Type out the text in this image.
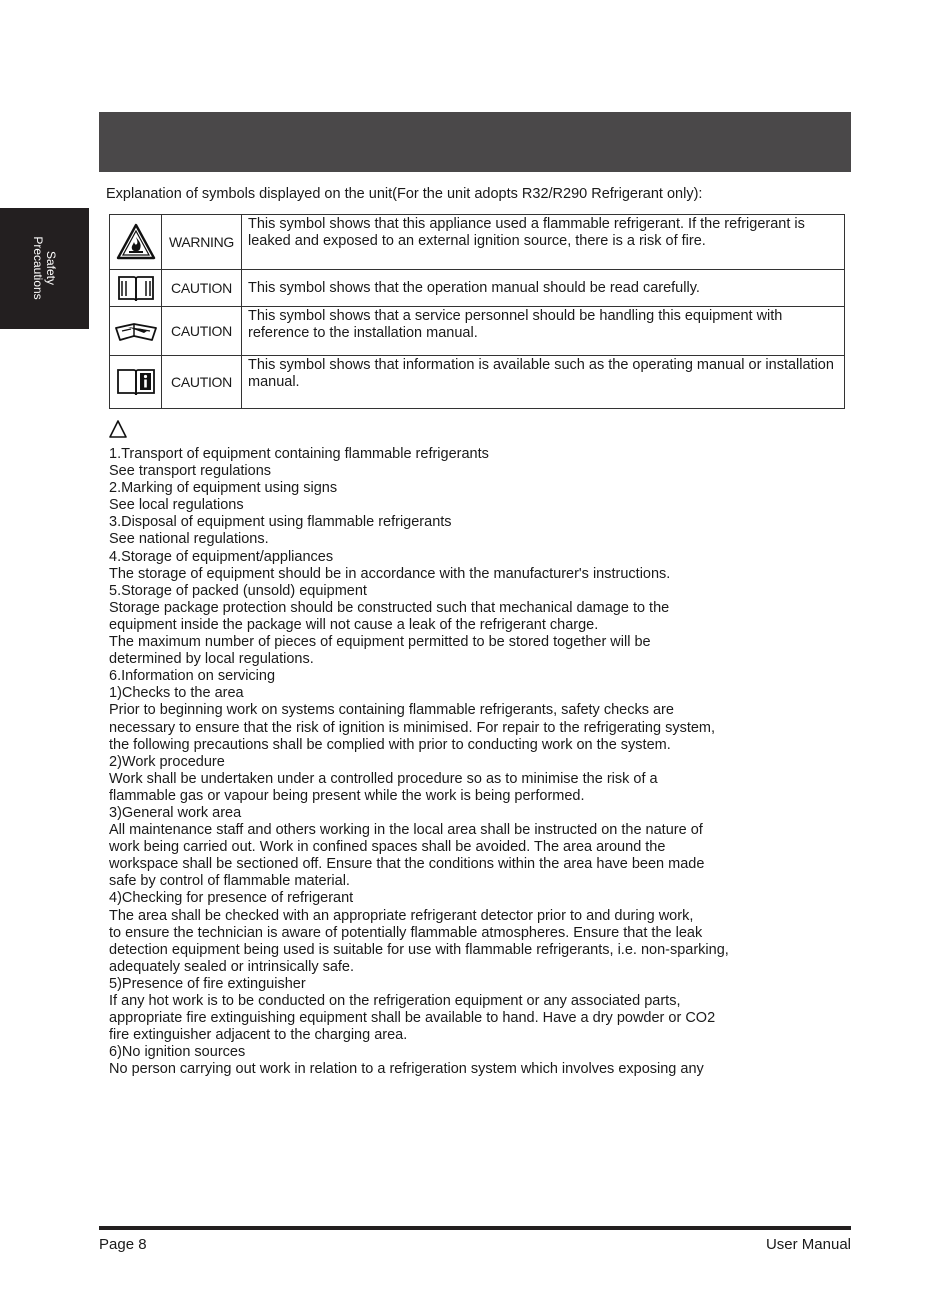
Safety
Precautions
Explanation of symbols displayed on the unit(For the unit adopts R32/R290 Refrigerant only):
	WARNING	This symbol shows that this appliance used a flammable refrigerant. If the refrigerant is leaked and exposed to an external ignition source, there is a risk of fire.

	CAUTION	This symbol shows that the operation manual should be read carefully.

	CAUTION	This symbol shows that a service personnel should be handling this equipment with reference to the installation manual.

	CAUTION	This symbol shows that information is available such as the operating manual or installation manual.
1.Transport of equipment containing flammable refrigerants
See transport regulations
2.Marking of equipment using signs
See local regulations
3.Disposal of equipment using flammable refrigerants
See national regulations.
4.Storage of equipment/appliances
The storage of equipment should be in accordance with the manufacturer's instructions.
5.Storage of packed (unsold) equipment
Storage package protection should be constructed such that mechanical damage to the
equipment inside the package will not cause a leak of the refrigerant charge.
The maximum number of pieces of equipment permitted to be stored together will be
determined by local regulations.
6.Information on servicing
1)Checks to the area
Prior to beginning work on systems containing flammable refrigerants, safety checks are
necessary to ensure that the risk of ignition is minimised. For repair to the refrigerating system,
the following precautions shall be complied with prior to conducting work on the system.
2)Work procedure
Work shall be undertaken under a controlled procedure so as to minimise the risk of a
flammable gas or vapour being present while the work is being performed.
3)General work area
All maintenance staff and others working in the local area shall be instructed on the nature of
work being carried out. Work in confined spaces shall be avoided. The area around the
workspace shall be sectioned off. Ensure that the conditions within the area have been made
safe by control of flammable material.
4)Checking for presence of refrigerant
The area shall be checked with an appropriate refrigerant detector prior to and during work,
to ensure the technician is aware of potentially flammable atmospheres. Ensure that the leak
detection equipment being used is suitable for use with flammable refrigerants, i.e. non-sparking,
adequately sealed or intrinsically safe.
5)Presence of fire extinguisher
If any hot work is to be conducted on the refrigeration equipment or any associated parts,
appropriate fire extinguishing equipment shall be available to hand. Have a dry powder or CO2
fire extinguisher adjacent to the charging area.
6)No ignition sources
No person carrying out work in relation to a refrigeration system which involves exposing any
Page 8	User Manual
